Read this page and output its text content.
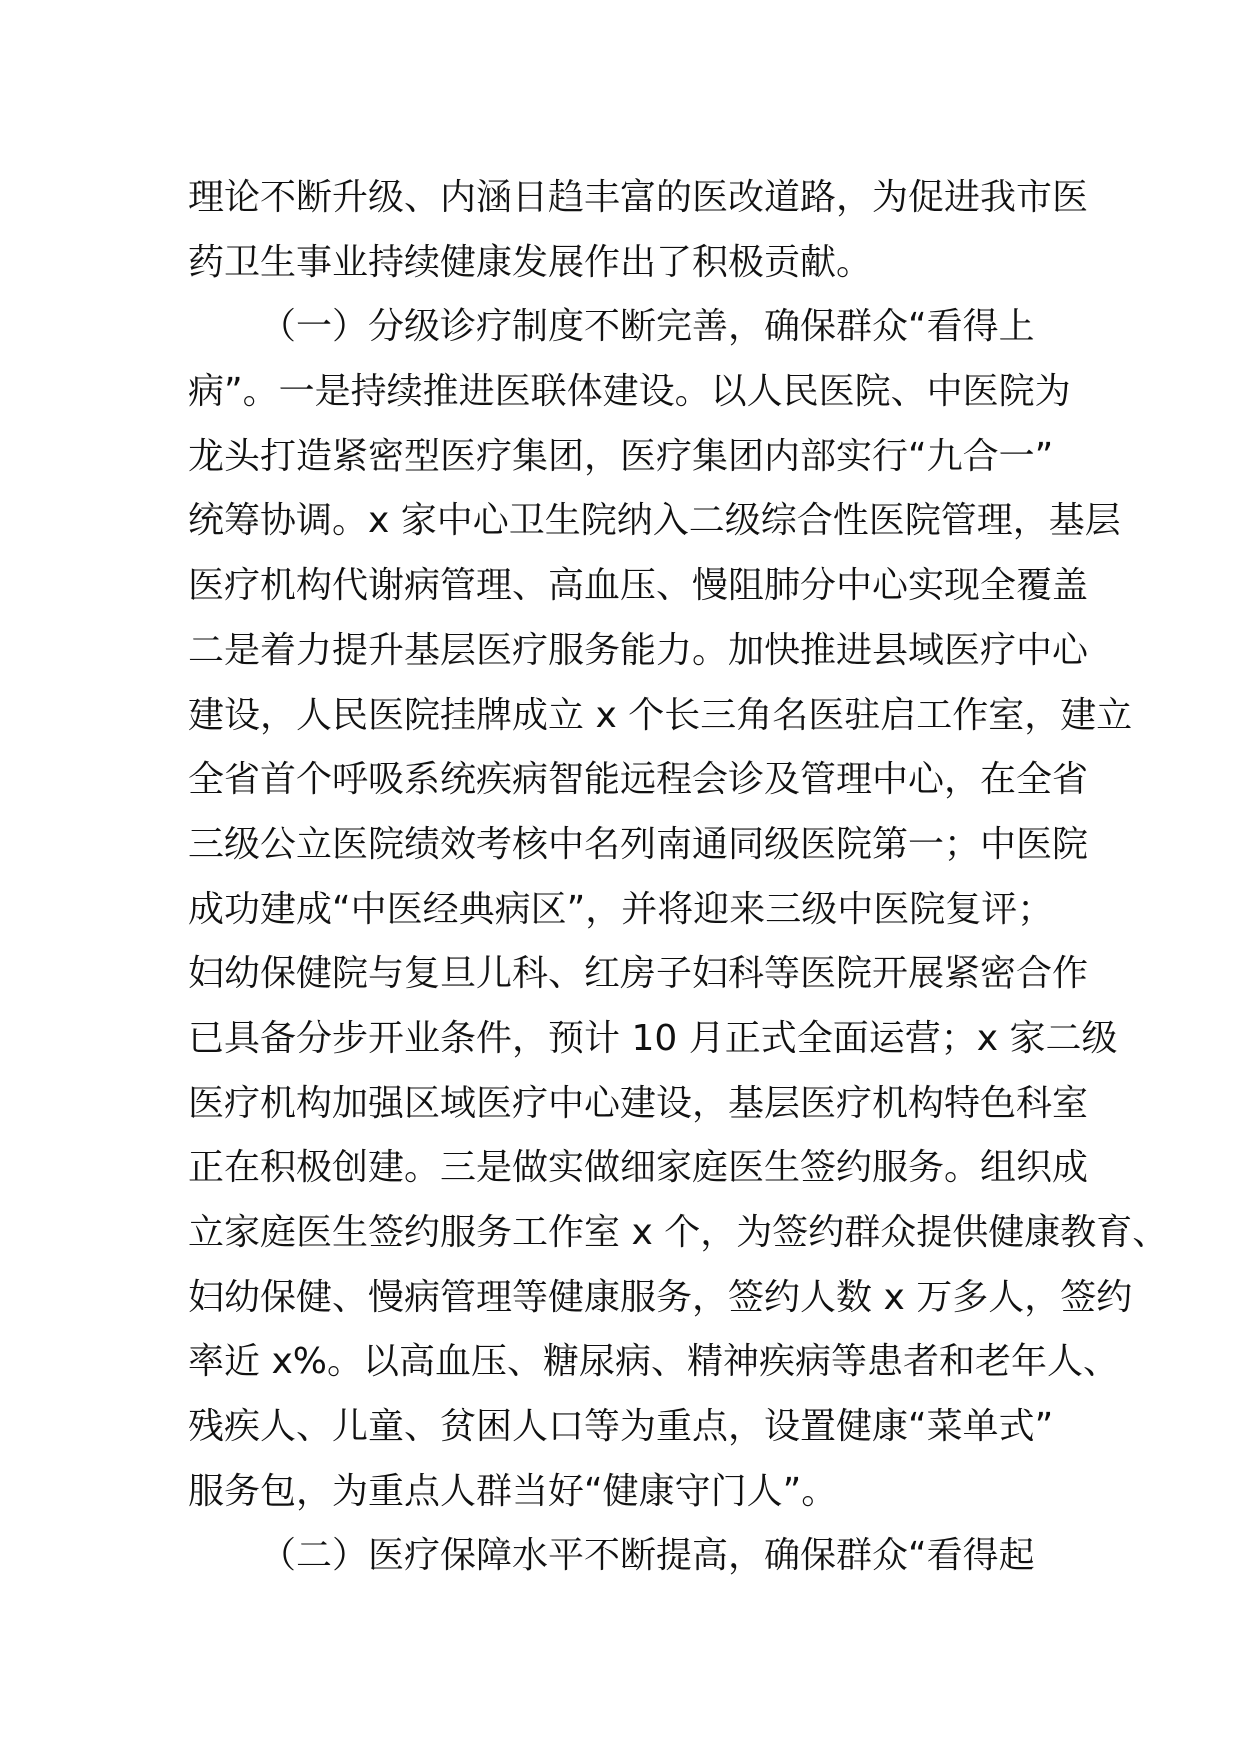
理论不断升级、内涵日趋丰富的医改道路，为促进我市医
药卫生事业持续健康发展作出了积极贡献。
（一）分级诊疗制度不断完善，确保群众“看得上
病”。一是持续推进医联体建设。以人民医院、中医院为
龙头打造紧密型医疗集团，医疗集团内部实行“九合一”
统筹协调。x 家中心卫生院纳入二级综合性医院管理，基层
医疗机构代谢病管理、高血压、慢阻肺分中心实现全覆盖
二是着力提升基层医疗服务能力。加快推进县域医疗中心
建设，人民医院挂牌成立 x 个长三角名医驻启工作室，建立
全省首个呼吸系统疾病智能远程会诊及管理中心，在全省
三级公立医院绩效考核中名列南通同级医院第一；中医院
成功建成“中医经典病区”，并将迎来三级中医院复评；
妇幼保健院与复旦儿科、红房子妇科等医院开展紧密合作
已具备分步开业条件，预计 10 月正式全面运营；x 家二级
医疗机构加强区域医疗中心建设，基层医疗机构特色科室
正在积极创建。三是做实做细家庭医生签约服务。组织成
立家庭医生签约服务工作室 x 个，为签约群众提供健康教育、
妇幼保健、慢病管理等健康服务，签约人数 x 万多人，签约
率近 x%。以高血压、糖尿病、精神疾病等患者和老年人、
残疾人、儿童、贫困人口等为重点，设置健康“菜单式”
服务包，为重点人群当好“健康守门人”。
（二）医疗保障水平不断提高，确保群众“看得起
